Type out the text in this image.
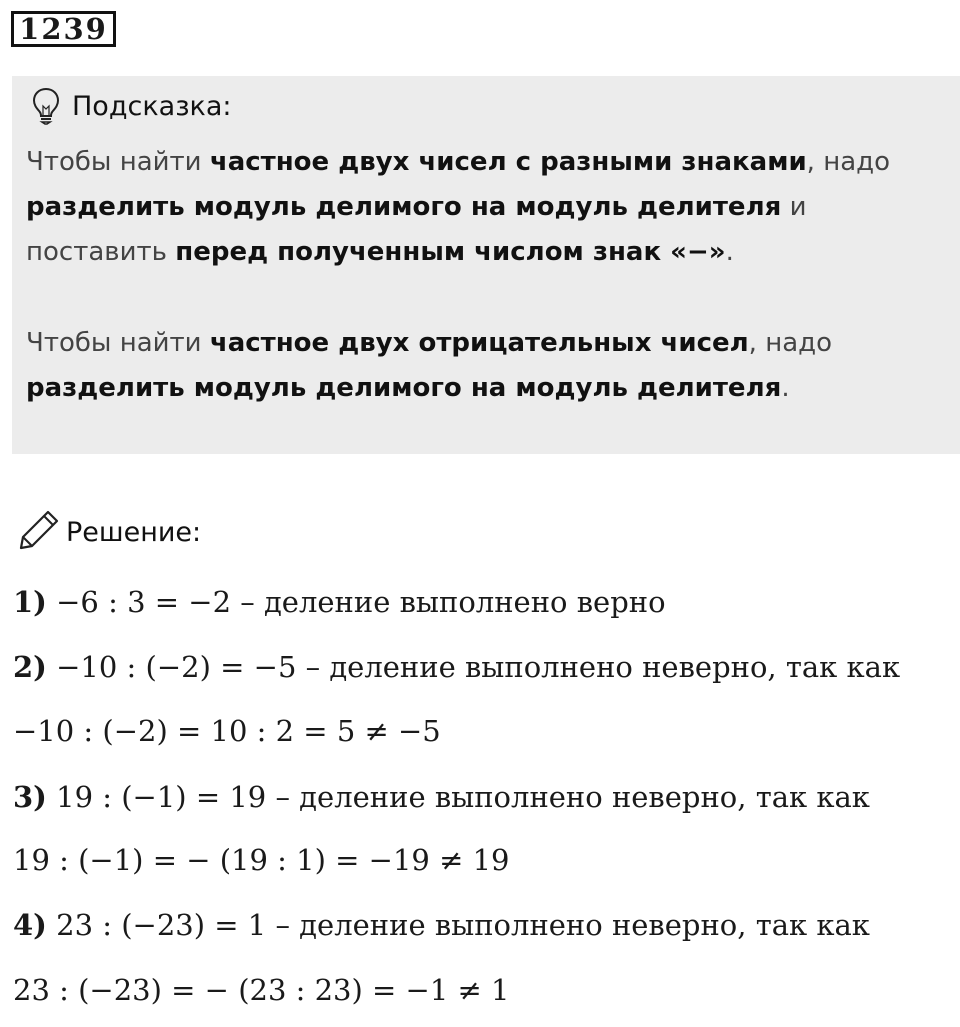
1239
Подсказка:
Чтобы найти частное двух чисел с разными знаками, надо
разделить модуль делимого на модуль делителя и
поставить перед полученным числом знак «−».
Чтобы найти частное двух отрицательных чисел, надо
разделить модуль делимого на модуль делителя.
Решение:
1) −6 : 3 = −2 – деление выполнено верно
2) −10 : (−2) = −5 – деление выполнено неверно, так как
−10 : (−2) = 10 : 2 = 5 ≠ −5
3) 19 : (−1) = 19 – деление выполнено неверно, так как
19 : (−1) = − (19 : 1) = −19 ≠ 19
4) 23 : (−23) = 1 – деление выполнено неверно, так как
23 : (−23) = − (23 : 23) = −1 ≠ 1
